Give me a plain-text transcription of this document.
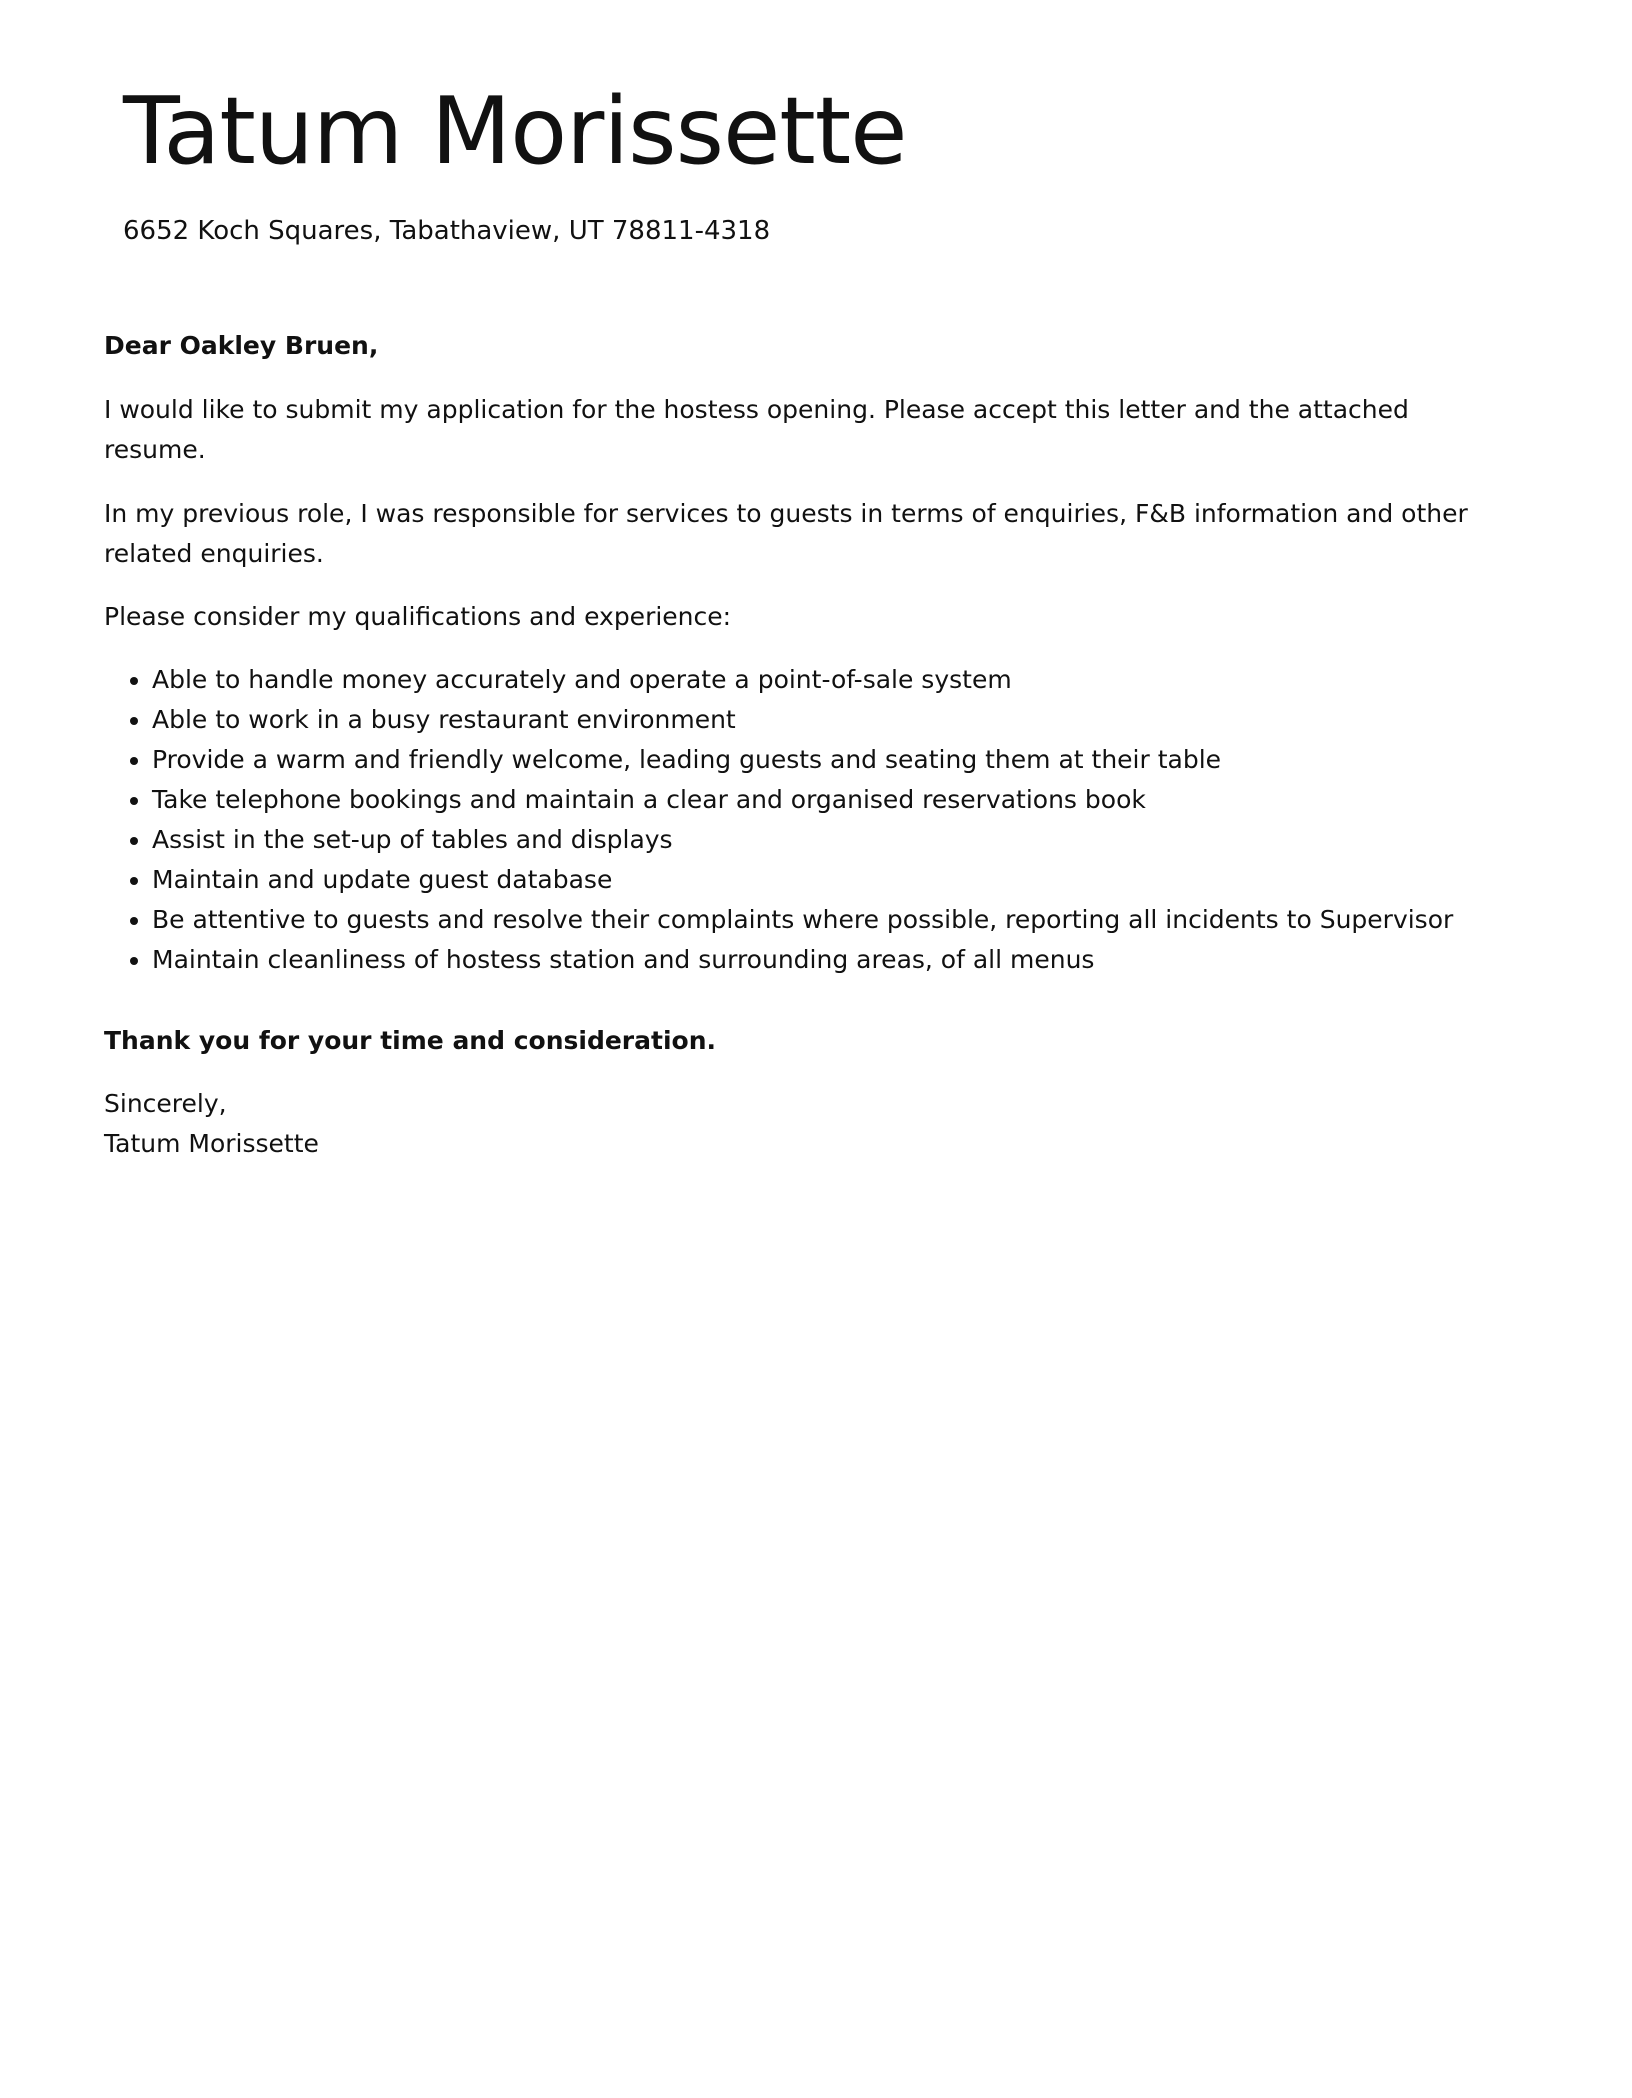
Tatum Morissette
6652 Koch Squares, Tabathaview, UT 78811-4318

Dear Oakley Bruen,

I would like to submit my application for the hostess opening. Please accept this letter and the attached resume.

In my previous role, I was responsible for services to guests in terms of enquiries, F&B information and other related enquiries.

Please consider my qualifications and experience:

• Able to handle money accurately and operate a point-of-sale system
• Able to work in a busy restaurant environment
• Provide a warm and friendly welcome, leading guests and seating them at their table
• Take telephone bookings and maintain a clear and organised reservations book
• Assist in the set-up of tables and displays
• Maintain and update guest database
• Be attentive to guests and resolve their complaints where possible, reporting all incidents to Supervisor
• Maintain cleanliness of hostess station and surrounding areas, of all menus

Thank you for your time and consideration.

Sincerely,

Tatum Morissette
